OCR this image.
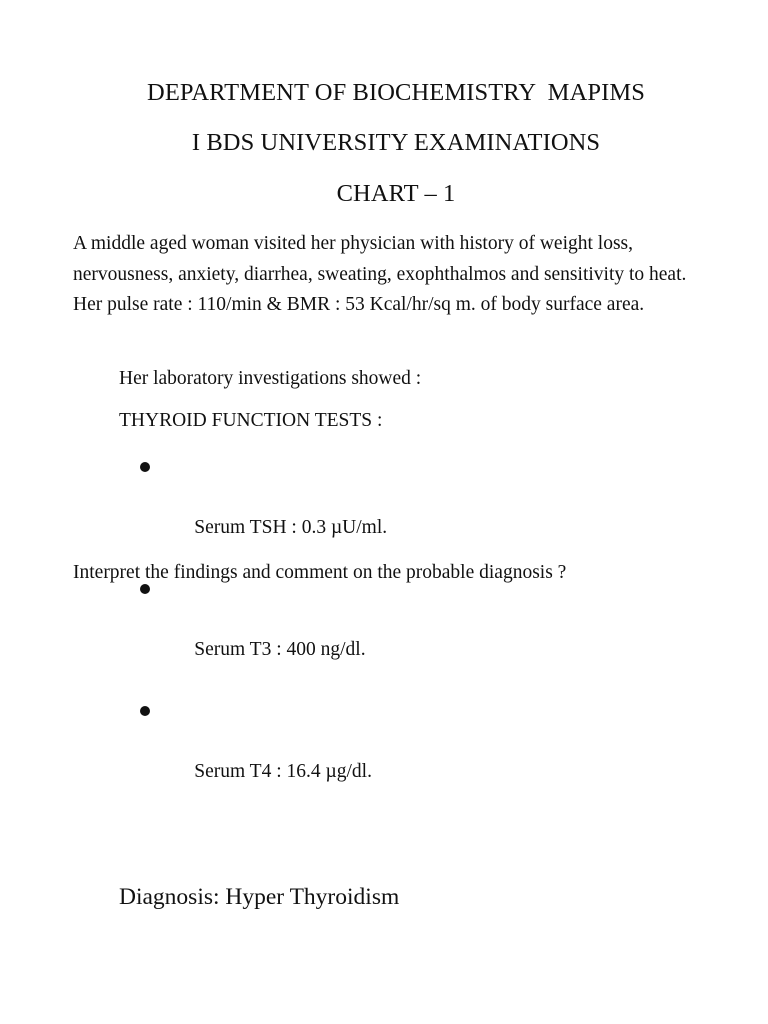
DEPARTMENT OF BIOCHEMISTRY  MAPIMS
I BDS UNIVERSITY EXAMINATIONS
CHART – 1

A middle aged woman visited her physician with history of weight loss, nervousness, anxiety, diarrhea, sweating, exophthalmos and sensitivity to heat. Her pulse rate : 110/min & BMR : 53 Kcal/hr/sq m. of body surface area.

Her laboratory investigations showed :
THYROID FUNCTION TESTS :

Serum TSH : 0.3 µU/ml.

Serum T3 : 400 ng/dl.

Serum T4 : 16.4 µg/dl.

Interpret the findings and comment on the probable diagnosis ?
Diagnosis: Hyper Thyroidism
